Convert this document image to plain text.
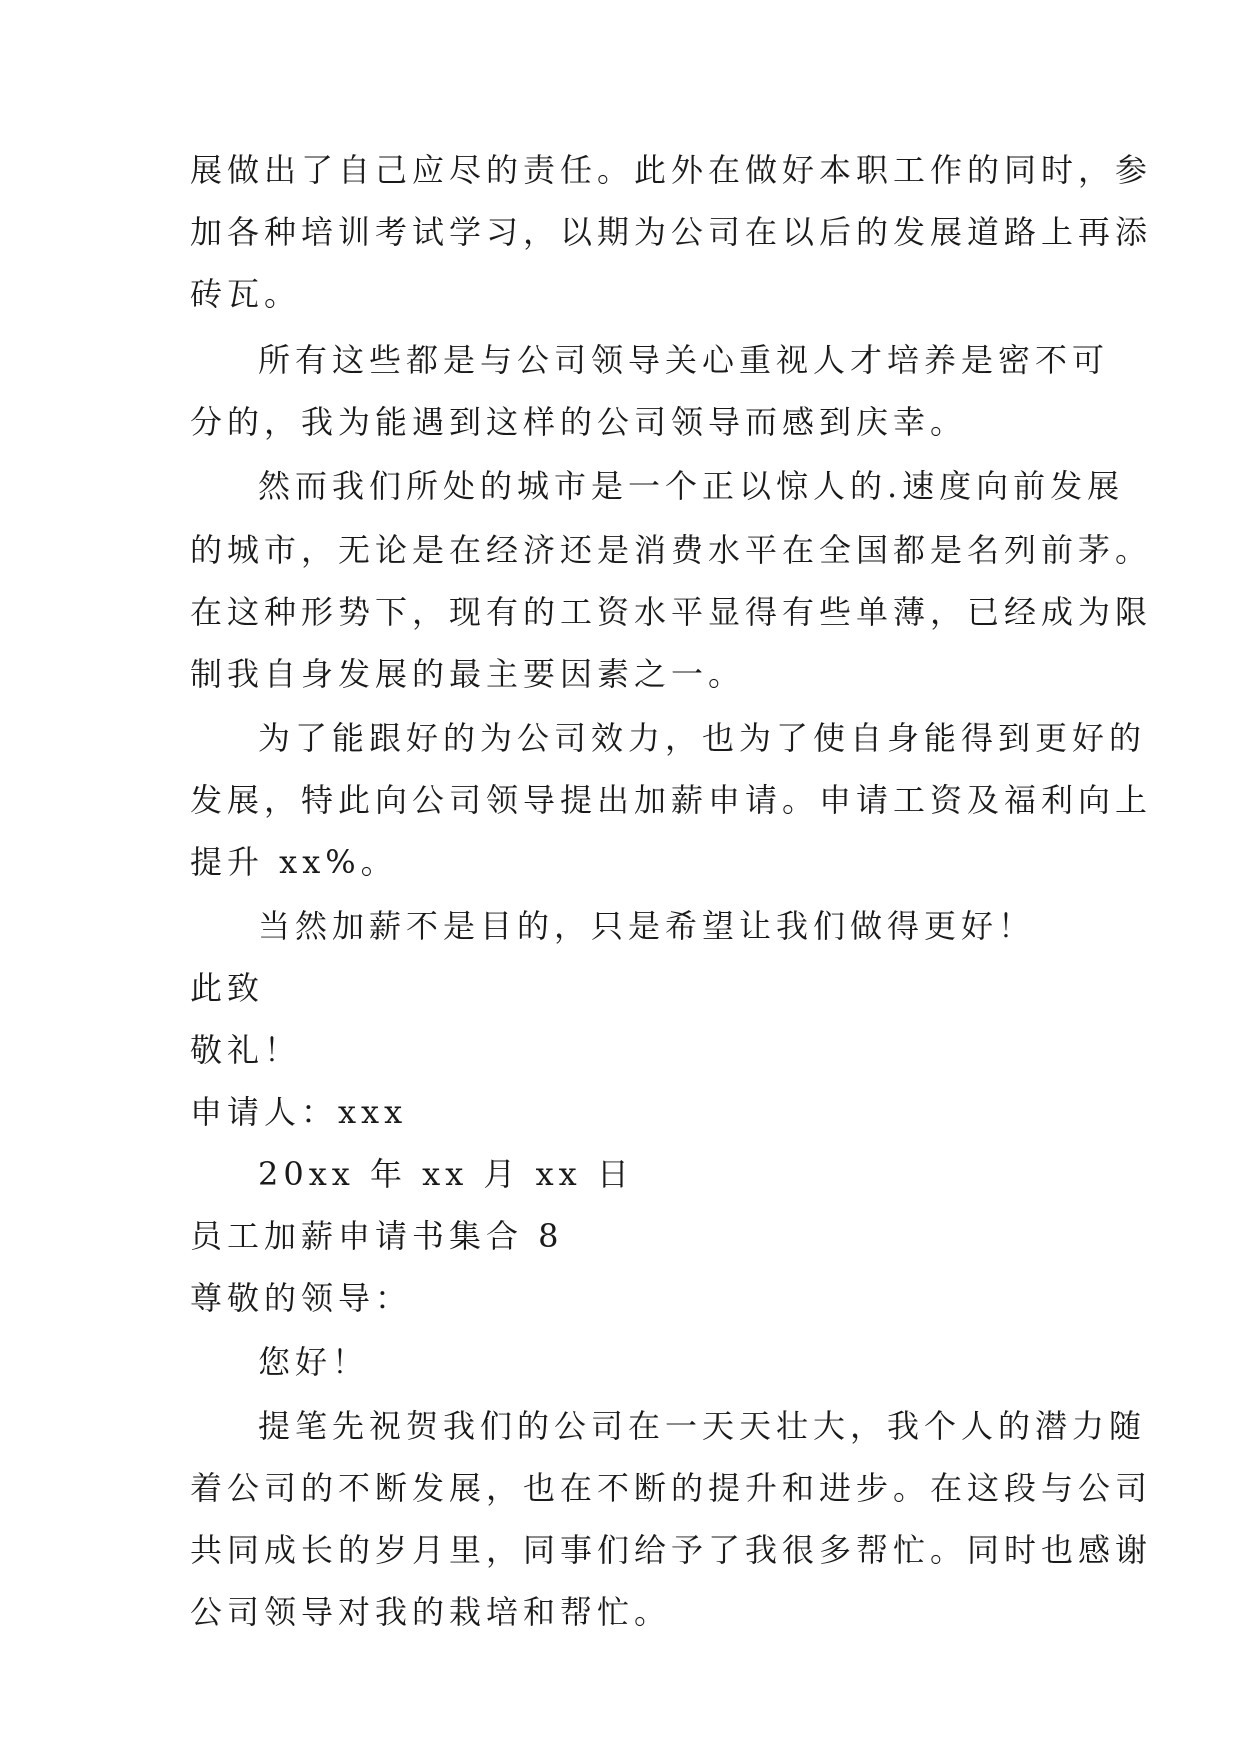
展做出了自己应尽的责任。此外在做好本职工作的同时，参
加各种培训考试学习，以期为公司在以后的发展道路上再添
砖瓦。
所有这些都是与公司领导关心重视人才培养是密不可
分的，我为能遇到这样的公司领导而感到庆幸。
然而我们所处的城市是一个正以惊人的.速度向前发展
的城市，无论是在经济还是消费水平在全国都是名列前茅。
在这种形势下，现有的工资水平显得有些单薄，已经成为限
制我自身发展的最主要因素之一。
为了能跟好的为公司效力，也为了使自身能得到更好的
发展，特此向公司领导提出加薪申请。申请工资及福利向上
提升 xx%。
当然加薪不是目的，只是希望让我们做得更好！
此致
敬礼！
申请人：xxx
20xx 年 xx 月 xx 日
员工加薪申请书集合 8
尊敬的领导：
您好！
提笔先祝贺我们的公司在一天天壮大，我个人的潜力随
着公司的不断发展，也在不断的提升和进步。在这段与公司
共同成长的岁月里，同事们给予了我很多帮忙。同时也感谢
公司领导对我的栽培和帮忙。
